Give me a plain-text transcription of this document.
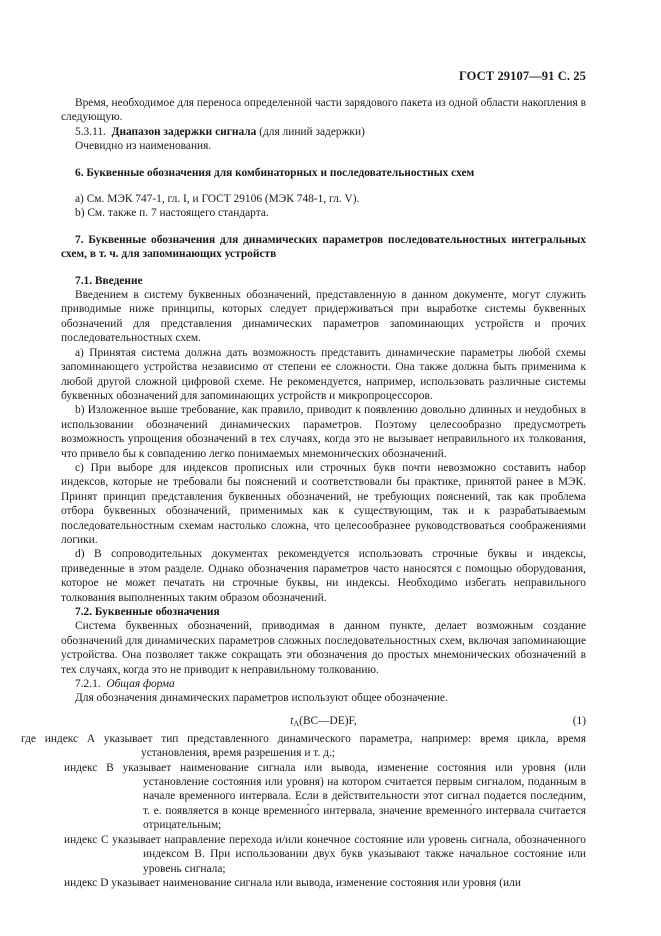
ГОСТ 29107—91 С. 25

Время, необходимое для переноса определенной части зарядового пакета из одной области накопления в следующую.

5.3.11. Диапазон задержки сигнала (для линий задержки)

Очевидно из наименования.

6. Буквенные обозначения для комбинаторных и последовательностных схем

а) См. МЭК 747-1, гл. I, и ГОСТ 29106 (МЭК 748-1, гл. V).

b) См. также п. 7 настоящего стандарта.

7. Буквенные обозначения для динамических параметров последовательностных интегральных схем, в т. ч. для запоминающих устройств

7.1. Введение

Введением в систему буквенных обозначений, представленную в данном документе, могут служить приводимые ниже принципы, которых следует придерживаться при выработке системы буквенных обозначений для представления динамических параметров запоминающих устройств и прочих последовательностных схем.

а) Принятая система должна дать возможность представить динамические параметры любой схемы запоминающего устройства независимо от степени ее сложности. Она также должна быть применима к любой другой сложной цифровой схеме. Не рекомендуется, например, использовать различные системы буквенных обозначений для запоминающих устройств и микропроцессоров.

b) Изложенное выше требование, как правило, приводит к появлению довольно длинных и неудобных в использовании обозначений динамических параметров. Поэтому целесообразно предусмотреть возможность упрощения обозначений в тех случаях, когда это не вызывает неправильного их толкования, что привело бы к совпадению легко понимаемых мнемонических обозначений.

с) При выборе для индексов прописных или строчных букв почти невозможно составить набор индексов, которые не требовали бы пояснений и соответствовали бы практике, принятой ранее в МЭК. Принят принцип представления буквенных обозначений, не требующих пояснений, так как проблема отбора буквенных обозначений, применимых как к существующим, так и к разрабатываемым последовательностным схемам настолько сложна, что целесообразнее руководствоваться соображениями логики.

d) В сопроводительных документах рекомендуется использовать строчные буквы и индексы, приведенные в этом разделе. Однако обозначения параметров часто наносятся с помощью оборудования, которое не может печатать ни строчные буквы, ни индексы. Необходимо избегать неправильного толкования выполненных таким образом обозначений.

7.2. Буквенные обозначения

Система буквенных обозначений, приводимая в данном пункте, делает возможным создание обозначений для динамических параметров сложных последовательностных схем, включая запоминающие устройства. Она позволяет также сокращать эти обозначения до простых мнемонических обозначений в тех случаях, когда это не приводит к неправильному толкованию.

7.2.1. Общая форма

Для обозначения динамических параметров используют общее обозначение.

$t_A(BC—DE)F$,	(1)

где индекс А указывает тип представленного динамического параметра, например: время цикла, время установления, время разрешения и т. д.;

индекс В указывает наименование сигнала или вывода, изменение состояния или уровня (или установление состояния или уровня) на котором считается первым сигналом, поданным в начале временного интервала. Если в действительности этот сигнал подается последним, т. е. появляется в конце временно́го интервала, значение временно́го интервала считается отрицательным;

индекс С указывает направление перехода и/или конечное состояние или уровень сигнала, обозначенного индексом В. При использовании двух букв указывают также начальное состояние или уровень сигнала;

индекс D указывает наименование сигнала или вывода, изменение состояния или уровня (или
